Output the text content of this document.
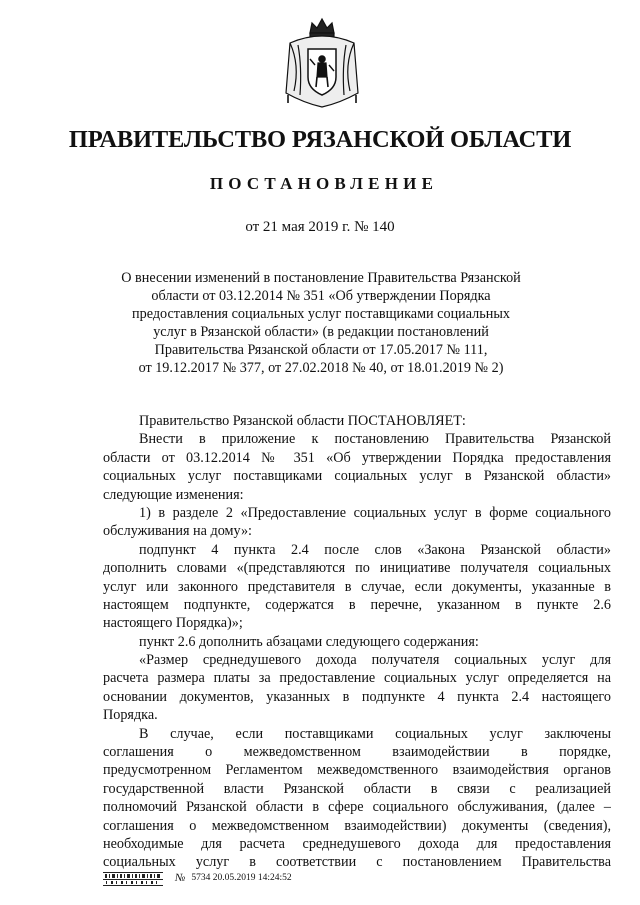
ПРАВИТЕЛЬСТВО РЯЗАНСКОЙ ОБЛАСТИ
ПОСТАНОВЛЕНИЕ
от 21 мая 2019 г. № 140
О внесении изменений в постановление Правительства Рязанской
области от 03.12.2014 № 351 «Об утверждении Порядка
предоставления социальных услуг поставщиками социальных
услуг в Рязанской области» (в редакции постановлений
Правительства Рязанской области от 17.05.2017 № 111,
от 19.12.2017 № 377, от 27.02.2018 № 40, от 18.01.2019 № 2)
Правительство Рязанской области ПОСТАНОВЛЯЕТ:
Внести в приложение к постановлению Правительства Рязанской
области от 03.12.2014 № 351 «Об утверждении Порядка предоставления
социальных услуг поставщиками социальных услуг в Рязанской области»
следующие изменения:
1) в разделе 2 «Предоставление социальных услуг в форме социального
обслуживания на дому»:
подпункт 4 пункта 2.4 после слов «Закона Рязанской области»
дополнить словами «(представляются по инициативе получателя социальных
услуг или законного представителя в случае, если документы, указанные в
настоящем подпункте, содержатся в перечне, указанном в пункте 2.6
настоящего Порядка)»;
пункт 2.6 дополнить абзацами следующего содержания:
«Размер среднедушевого дохода получателя социальных услуг для
расчета размера платы за предоставление социальных услуг определяется на
основании документов, указанных в подпункте 4 пункта 2.4 настоящего
Порядка.
В случае, если поставщиками социальных услуг заключены
соглашения о межведомственном взаимодействии в порядке,
предусмотренном Регламентом межведомственного взаимодействия органов
государственной власти Рязанской области в связи с реализацией
полномочий Рязанской области в сфере социального обслуживания, (далее –
соглашения о межведомственном взаимодействии) документы (сведения),
необходимые для расчета среднедушевого дохода для предоставления
социальных услуг в соответствии с постановлением Правительства
№ 5734 20.05.2019 14:24:52
